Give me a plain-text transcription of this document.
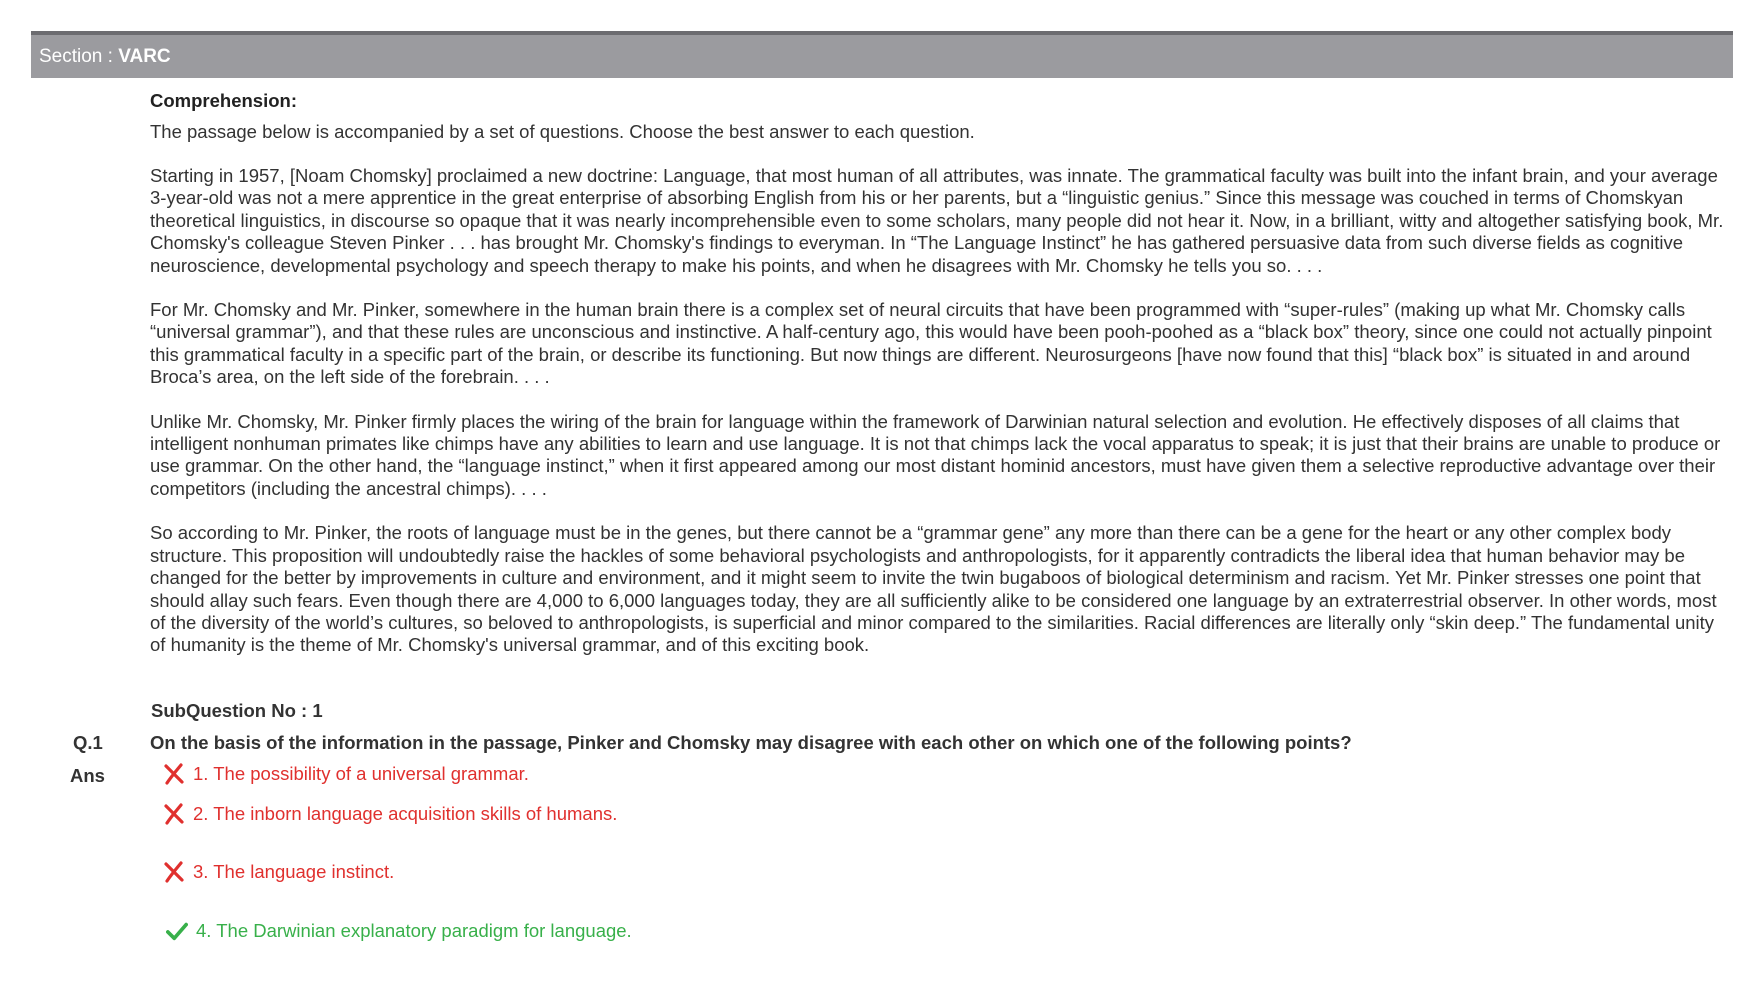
Section : VARC
Comprehension:
The passage below is accompanied by a set of questions. Choose the best answer to each question.

Starting in 1957, [Noam Chomsky] proclaimed a new doctrine: Language, that most human of all attributes, was innate. The grammatical faculty was built into the infant brain, and your average 3-year-old was not a mere apprentice in the great enterprise of absorbing English from his or her parents, but a “linguistic genius.” Since this message was couched in terms of Chomskyan theoretical linguistics, in discourse so opaque that it was nearly incomprehensible even to some scholars, many people did not hear it. Now, in a brilliant, witty and altogether satisfying book, Mr. Chomsky's colleague Steven Pinker . . . has brought Mr. Chomsky's findings to everyman. In “The Language Instinct” he has gathered persuasive data from such diverse fields as cognitive neuroscience, developmental psychology and speech therapy to make his points, and when he disagrees with Mr. Chomsky he tells you so. . . .

For Mr. Chomsky and Mr. Pinker, somewhere in the human brain there is a complex set of neural circuits that have been programmed with “super-rules” (making up what Mr. Chomsky calls “universal grammar”), and that these rules are unconscious and instinctive. A half-century ago, this would have been pooh-poohed as a “black box” theory, since one could not actually pinpoint this grammatical faculty in a specific part of the brain, or describe its functioning. But now things are different. Neurosurgeons [have now found that this] “black box” is situated in and around Broca’s area, on the left side of the forebrain. . . .

Unlike Mr. Chomsky, Mr. Pinker firmly places the wiring of the brain for language within the framework of Darwinian natural selection and evolution. He effectively disposes of all claims that intelligent nonhuman primates like chimps have any abilities to learn and use language. It is not that chimps lack the vocal apparatus to speak; it is just that their brains are unable to produce or use grammar. On the other hand, the “language instinct,” when it first appeared among our most distant hominid ancestors, must have given them a selective reproductive advantage over their competitors (including the ancestral chimps). . . .

So according to Mr. Pinker, the roots of language must be in the genes, but there cannot be a “grammar gene” any more than there can be a gene for the heart or any other complex body structure. This proposition will undoubtedly raise the hackles of some behavioral psychologists and anthropologists, for it apparently contradicts the liberal idea that human behavior may be changed for the better by improvements in culture and environment, and it might seem to invite the twin bugaboos of biological determinism and racism. Yet Mr. Pinker stresses one point that should allay such fears. Even though there are 4,000 to 6,000 languages today, they are all sufficiently alike to be considered one language by an extraterrestrial observer. In other words, most of the diversity of the world’s cultures, so beloved to anthropologists, is superficial and minor compared to the similarities. Racial differences are literally only “skin deep.” The fundamental unity of humanity is the theme of Mr. Chomsky's universal grammar, and of this exciting book.

SubQuestion No : 1
Q.1	On the basis of the information in the passage, Pinker and Chomsky may disagree with each other on which one of the following points?
Ans	1. The possibility of a universal grammar.
2. The inborn language acquisition skills of humans.
3. The language instinct.
4. The Darwinian explanatory paradigm for language.
